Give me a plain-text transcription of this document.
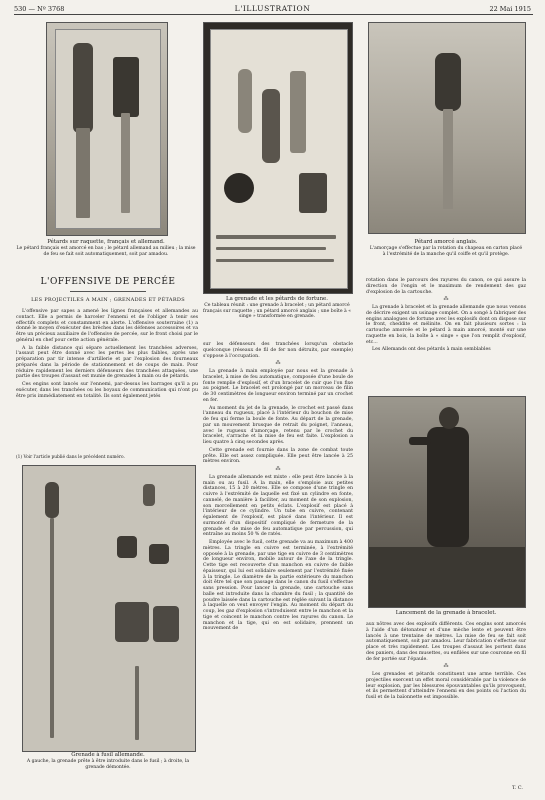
530 — Nº 3768	L'ILLUSTRATION	22 Mai 1915
Pétards sur raquette, français et allemand.
Le pétard français est amorcé en bas ; le pétard allemand au milieu ; la mise de feu se fait soit automatiquement, soit par amadou.
La grenade et les pétards de fortune.
Ce tableau réunit : une grenade à bracelet ; un pétard amorcé français sur raquette ; un pétard amorcé anglais ; une boîte à « singe » transformée en grenade.
Pétard amorcé anglais.
L'amorçage s'effectue par la rotation du chapeau en carton placé à l'extrémité de la manche qu'il coiffe et qu'il protège.
L'OFFENSIVE DE PERCÉE
LES PROJECTILES A MAIN ; GRENADES ET PÉTARDS

L'offensive par sapes a amené les lignes françaises et allemandes au contact. Elle a permis de harceler l'ennemi et de l'obliger à tenir ses effectifs complets et constamment en alerte. L'offensive souterraine (1) a donné le moyen d'exécuter des brèches dans les défenses accessoires et va être un précieux auxiliaire de l'offensive de percée, sur le front choisi par le général en chef pour cette action générale.

A la faible distance qui sépare actuellement les tranchées adverses, l'assaut peut être donné avec les pertes les plus faibles, après une préparation par tir intense d'artillerie et par l'explosion des fourneaux préparés dans la période de stationnement et de coups de main. Pour réduire rapidement les derniers défenseurs des tranchées attaquées, une partie des troupes d'assaut est munie de grenades à main ou de pétards.

Ces engins sont lancés sur l'ennemi, par-dessus les barrages qu'il a pu exécuter, dans les tranchées ou les boyaux de communication qui n'ont pu être pris immédiatement en totalité. Ils sont également jetés

(1) Voir l'article publié dans le précédent numéro.
Grenade à fusil allemande.
A gauche, la grenade prête à être introduite dans le fusil ; à droite, la grenade démontée.

sur les défenseurs des tranchées lorsqu'un obstacle quelconque (réseaux de fil de fer non détruits, par exemple) s'oppose à l'occupation.

⁂

La grenade à main employée par nous est la grenade à bracelet, à mise de feu automatique, composée d'une boule de fonte remplie d'explosif, et d'un bracelet de cuir que l'on fixe au poignet. Le bracelet est prolongé par un morceau de filin de 30 centimètres de longueur environ terminé par un crochet en fer.

Au moment du jet de la grenade, le crochet est passé dans l'anneau du rugueux, placé à l'intérieur du bouchon de mise de feu qui ferme la boule de fonte. Au départ de la grenade, par un mouvement brusque de retrait du poignet, l'anneau, avec le rugueux d'amorçage, retenu par le crochet du bracelet, s'arrache et la mise de feu est faite. L'explosion a lieu quatre à cinq secondes après.

Cette grenade est fournie dans la zone de combat toute prête. Elle est assez compliquée. Elle peut être lancée à 25 mètres environ.

⁂

La grenade allemande est mixte : elle peut être lancée à la main ou au fusil. A la main, elle s'emploie aux petites distances, 15 à 20 mètres. Elle se compose d'une tringle en cuivre à l'extrémité de laquelle est fixé un cylindre en fonte, cannelé, de manière à faciliter, au moment de son explosion, son morcellement en petits éclats. L'explosif est placé à l'intérieur de ce cylindre. Un tube en cuivre, contenant également de l'explosif, est placé dans l'intérieur. Il est surmonté d'un dispositif compliqué de fermeture de la grenade et de mise de feu automatique par percussion, qui entraîne au moins 50 % de ratés.

Employée avec le fusil, cette grenade va au maximum à 400 mètres. La tringle en cuivre est terminée, à l'extrémité opposée à la grenade, par une tige en cuivre de 3 centimètres de longueur environ, mobile autour de l'axe de la tringle. Cette tige est recouverte d'un manchon en cuivre de faible épaisseur, qui lui est solidaire seulement par l'extrémité fixée à la tringle. Le diamètre de la partie extérieure du manchon doit être tel que son passage dans le canon du fusil s'effectue sans pression. Pour lancer la grenade, une cartouche sans balle est introduite dans la chambre du fusil ; la quantité de poudre laissée dans la cartouche est réglée suivant la distance à laquelle on veut envoyer l'engin. Au moment du départ du coup, les gaz d'explosion s'introduisent entre le manchon et la tige et coincent le manchon contre les rayures du canon. Le manchon et la tige, qui en est solidaire, prennent un mouvement de

rotation dans le parcours des rayures du canon, ce qui assure la direction de l'engin et le maximum de rendement des gaz d'explosion de la cartouche.

⁂

La grenade à bracelet et la grenade allemande que nous venons de décrire exigent un usinage complet. On a songé à fabriquer des engins analogues de fortune avec les explosifs dont on dispose sur le front, cheddite et mélinite. On en fait plusieurs sortes : la cartouche amorcée et le pétard à main amorcé, monté sur une raquette en bois, la boîte à « singe » que l'on remplit d'explosif, etc...

Les Allemands ont des pétards à main semblables

Lancement de la grenade à bracelet.

aux nôtres avec des explosifs différents. Ces engins sont amorcés à l'aide d'un détonateur et d'une mèche lente et peuvent être lancés à une trentaine de mètres. La mise de feu se fait soit automatiquement, soit par amadou. Leur fabrication s'effectue sur place et très rapidement. Les troupes d'assaut les portent dans des paniers, dans des musettes, ou enfilées sur une couronne en fil de fer portée sur l'épaule.

⁂

Les grenades et pétards constituent une arme terrible. Ces projectiles exercent un effet moral considérable par la violence de leur explosion, par les blessures épouvantables qu'ils provoquent, et ils permettent d'atteindre l'ennemi en des points où l'action du fusil et de la baïonnette est impossible.

T. C.
